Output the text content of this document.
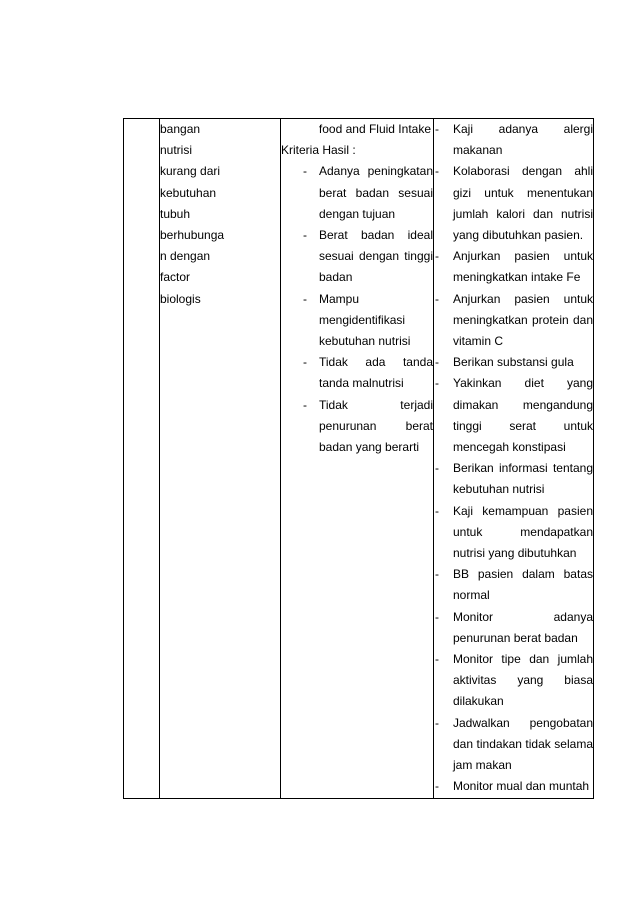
bangan
nutrisi
kurang dari
kebutuhan
tubuh
berhubunga
n dengan
factor
biologis

food and Fluid Intake
Kriteria Hasil :
- Adanya peningkatan berat badan sesuai dengan tujuan
- Berat badan ideal sesuai dengan tinggi badan
- Mampu mengidentifikasi kebutuhan nutrisi
- Tidak ada tanda tanda malnutrisi
- Tidak terjadi penurunan berat badan yang berarti

- Kaji adanya alergi makanan
- Kolaborasi dengan ahli gizi untuk menentukan jumlah kalori dan nutrisi yang dibutuhkan pasien.
- Anjurkan pasien untuk meningkatkan intake Fe
- Anjurkan pasien untuk meningkatkan protein dan vitamin C
- Berikan substansi gula
- Yakinkan diet yang dimakan mengandung tinggi serat untuk mencegah konstipasi
- Berikan informasi tentang kebutuhan nutrisi
- Kaji kemampuan pasien untuk mendapatkan nutrisi yang dibutuhkan
- BB pasien dalam batas normal
- Monitor adanya penurunan berat badan
- Monitor tipe dan jumlah aktivitas yang biasa dilakukan
- Jadwalkan pengobatan dan tindakan tidak selama jam makan
- Monitor mual dan muntah
